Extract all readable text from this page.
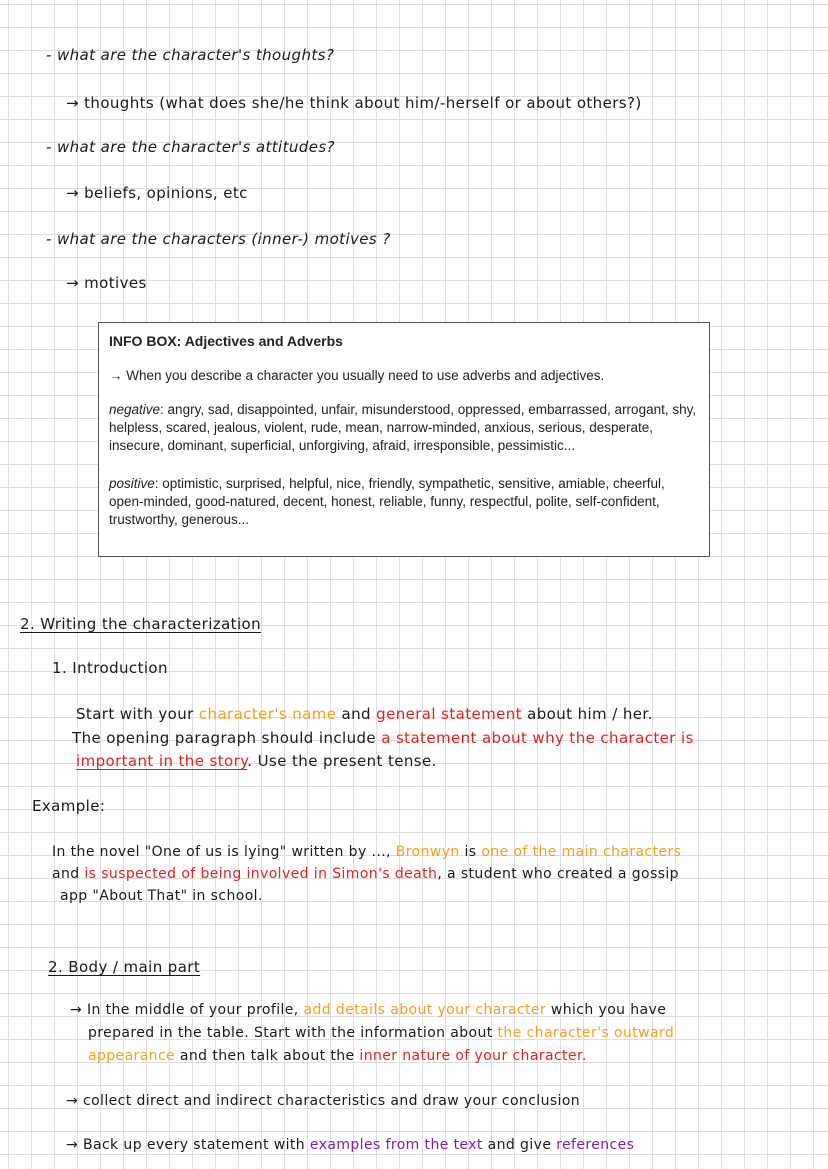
- what are the character's thoughts?
→ thoughts (what does she/he think about him/-herself or about others?)
- what are the character's attitudes?
→ beliefs, opinions, etc
- what are the characters (inner-) motives ?
→ motives
INFO BOX: Adjectives and Adverbs

→ When you describe a character you usually need to use adverbs and adjectives.

negative: angry, sad, disappointed, unfair, misunderstood, oppressed, embarrassed, arrogant, shy, helpless, scared, jealous, violent, rude, mean, narrow-minded, anxious, serious, desperate, insecure, dominant, superficial, unforgiving, afraid, irresponsible, pessimistic...

positive: optimistic, surprised, helpful, nice, friendly, sympathetic, sensitive, amiable, cheerful, open-minded, good-natured, decent, honest, reliable, funny, respectful, polite, self-confident, trustworthy, generous...

2. Writing the characterization
1. Introduction
Start with your character's name and general statement about him / her.
The opening paragraph should include a statement about why the character is
important in the story. Use the present tense.
Example:
In the novel "One of us is lying" written by ..., Bronwyn is one of the main characters
and is suspected of being involved in Simon's death, a student who created a gossip
app "About That" in school.
2. Body / main part
→ In the middle of your profile, add details about your character which you have
prepared in the table. Start with the information about the character's outward
appearance and then talk about the inner nature of your character.
→ collect direct and indirect characteristics and draw your conclusion
→ Back up every statement with examples from the text and give references
